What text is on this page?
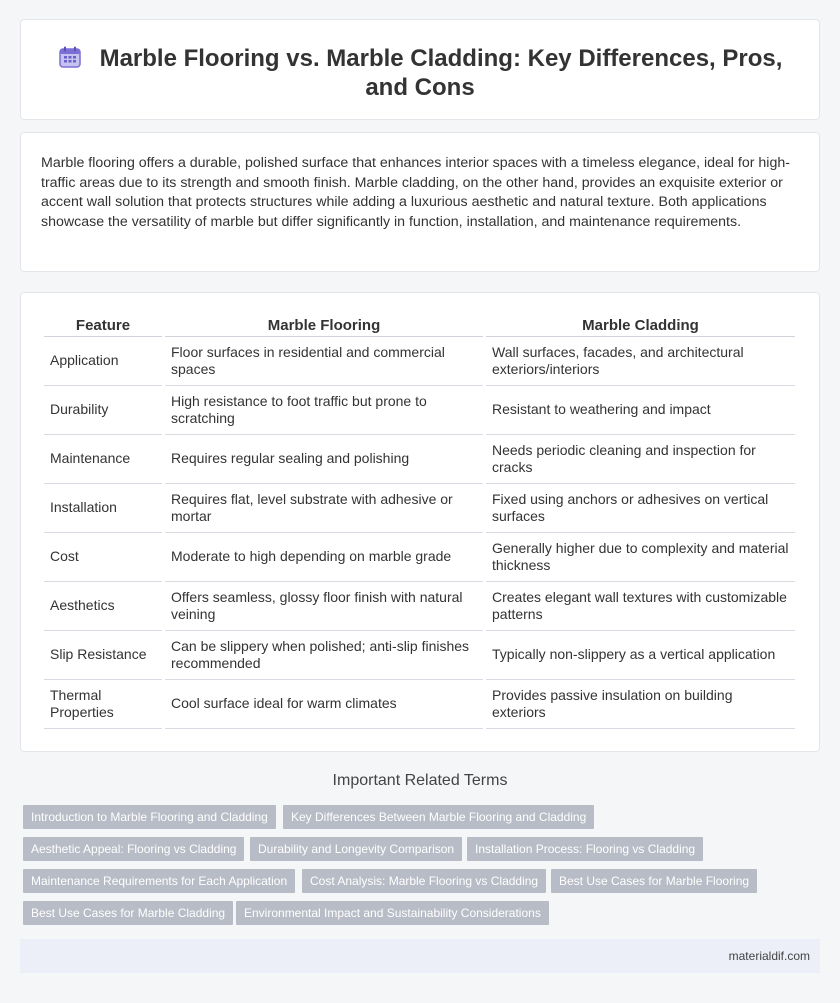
Marble Flooring vs. Marble Cladding: Key Differences, Pros, and Cons

Marble flooring offers a durable, polished surface that enhances interior spaces with a timeless elegance, ideal for high-traffic areas due to its strength and smooth finish. Marble cladding, on the other hand, provides an exquisite exterior or accent wall solution that protects structures while adding a luxurious aesthetic and natural texture. Both applications showcase the versatility of marble but differ significantly in function, installation, and maintenance requirements.

Feature	Marble Flooring	Marble Cladding
Application	Floor surfaces in residential and commercial spaces	Wall surfaces, facades, and architectural exteriors/interiors
Durability	High resistance to foot traffic but prone to scratching	Resistant to weathering and impact
Maintenance	Requires regular sealing and polishing	Needs periodic cleaning and inspection for cracks
Installation	Requires flat, level substrate with adhesive or mortar	Fixed using anchors or adhesives on vertical surfaces
Cost	Moderate to high depending on marble grade	Generally higher due to complexity and material thickness
Aesthetics	Offers seamless, glossy floor finish with natural veining	Creates elegant wall textures with customizable patterns
Slip Resistance	Can be slippery when polished; anti-slip finishes recommended	Typically non-slippery as a vertical application
Thermal Properties	Cool surface ideal for warm climates	Provides passive insulation on building exteriors
Important Related Terms
Introduction to Marble Flooring and Cladding	Key Differences Between Marble Flooring and Cladding
Aesthetic Appeal: Flooring vs Cladding	Durability and Longevity Comparison	Installation Process: Flooring vs Cladding
Maintenance Requirements for Each Application	Cost Analysis: Marble Flooring vs Cladding	Best Use Cases for Marble Flooring
Best Use Cases for Marble Cladding	Environmental Impact and Sustainability Considerations
materialdif.com
